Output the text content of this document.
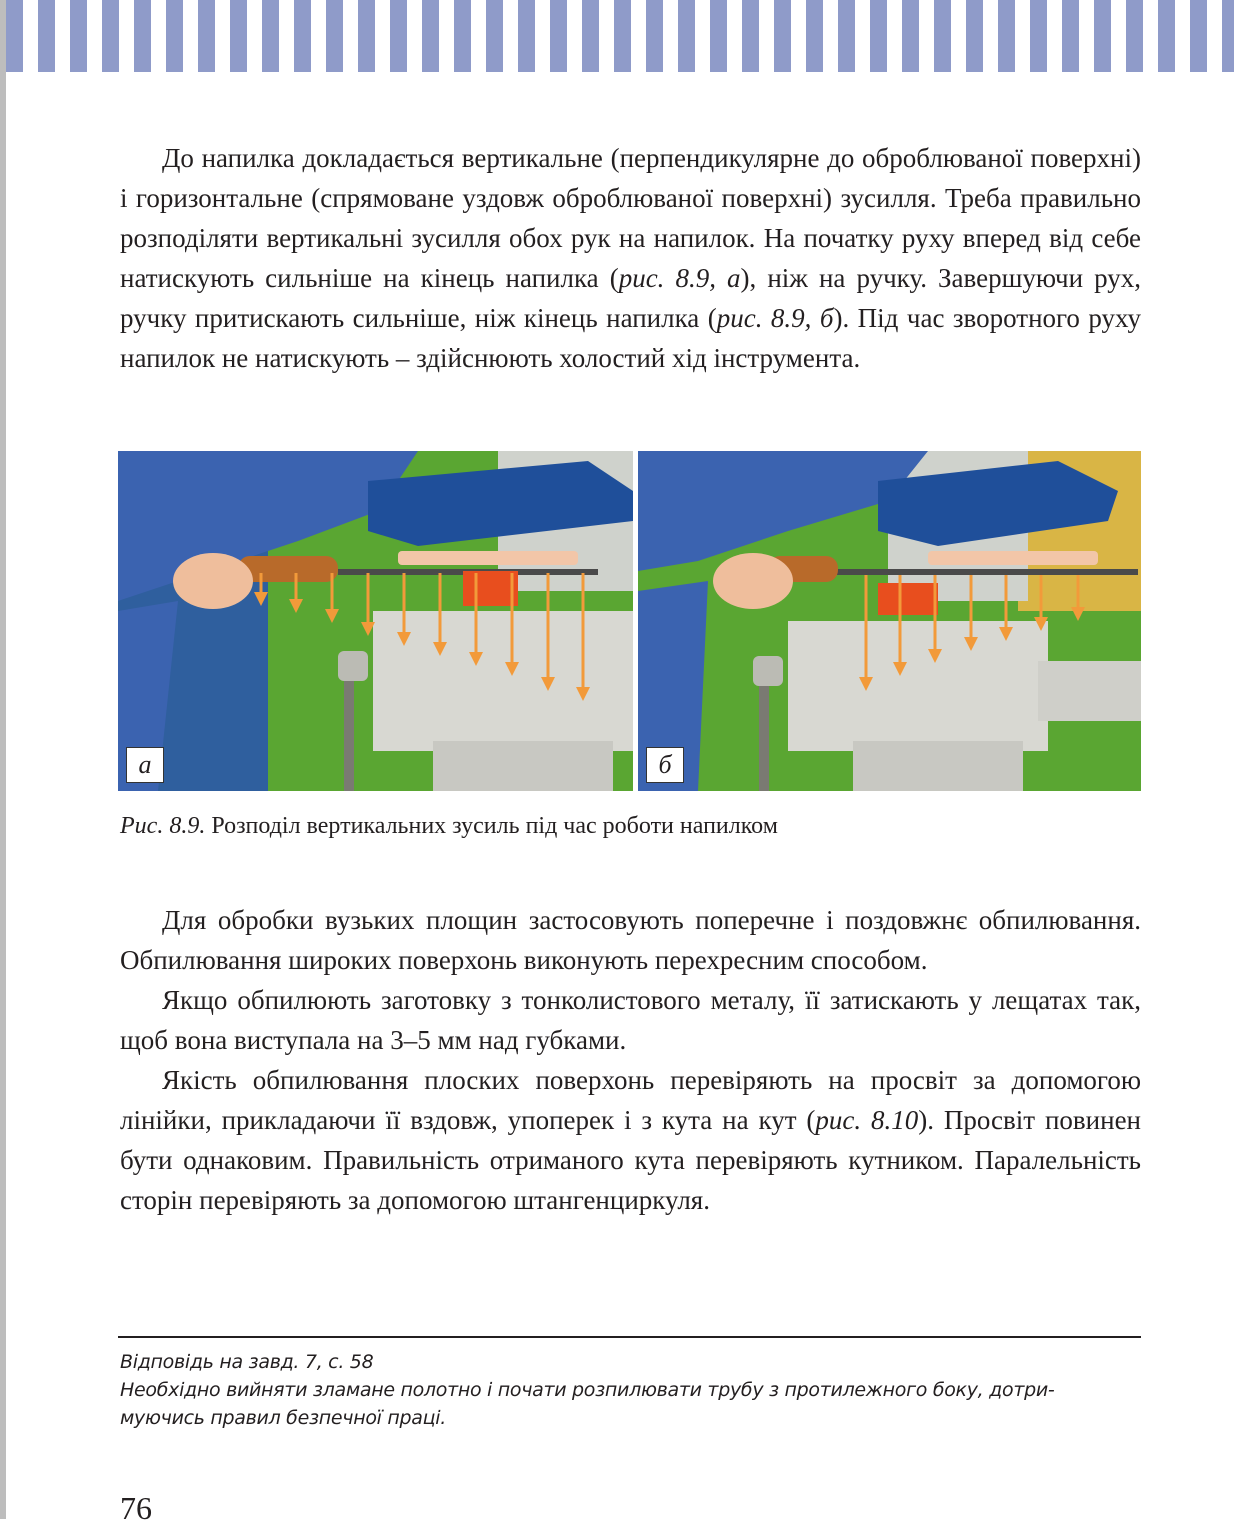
До напилка докладається вертикальне (перпендикулярне до оброблюваної поверхні) і горизонтальне (спрямоване уздовж оброблюваної поверхні) зусилля. Треба правильно розподіляти вертикальні зусилля обох рук на напилок. На початку руху вперед від себе натискують сильніше на кінець напилка (рис. 8.9, а), ніж на ручку. Завершуючи рух, ручку притискають сильніше, ніж кінець напилка (рис. 8.9, б). Під час зворотного руху напилок не натискують – здійснюють холостий хід інструмента.

а	б
Рис. 8.9. Розподіл вертикальних зусиль під час роботи напилком

Для обробки вузьких площин застосовують поперечне і поздовжнє обпилювання. Обпилювання широких поверхонь виконують перехресним способом.

Якщо обпилюють заготовку з тонколистового металу, її затискають у лещатах так, щоб вона виступала на 3–5 мм над губками.

Якість обпилювання плоских поверхонь перевіряють на просвіт за допомогою лінійки, прикладаючи її вздовж, упоперек і з кута на кут (рис. 8.10). Просвіт повинен бути однаковим. Правильність отриманого кута перевіряють кутником. Паралельність сторін перевіряють за допомогою штангенциркуля.

Відповідь на завд. 7, с. 58
Необхідно вийняти зламане полотно і почати розпилювати трубу з протилежного боку, дотри-
муючись правил безпечної праці.
76
